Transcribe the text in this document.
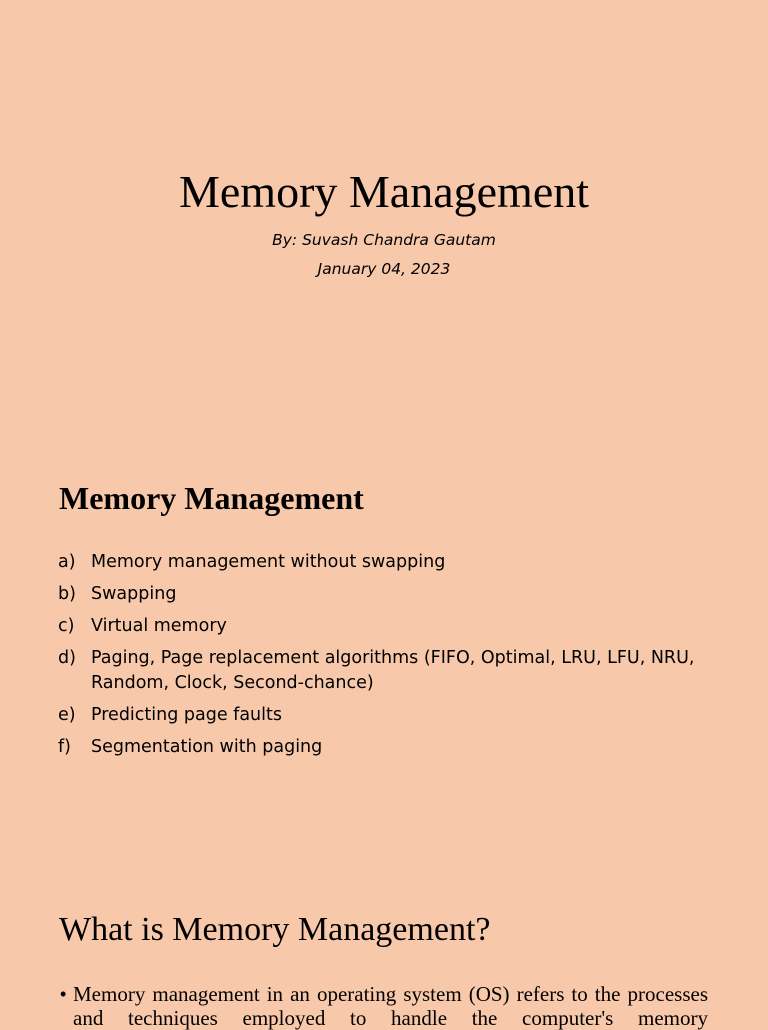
Memory Management
By: Suvash Chandra Gautam
January 04, 2023
Memory Management
a) Memory management without swapping
b) Swapping
c) Virtual memory
d) Paging, Page replacement algorithms (FIFO, Optimal, LRU, LFU, NRU, Random, Clock, Second-chance)
e) Predicting page faults
f)	Segmentation with paging
What is Memory Management?
• Memory management in an operating system (OS) refers to the processes and techniques employed to handle the computer's memory
